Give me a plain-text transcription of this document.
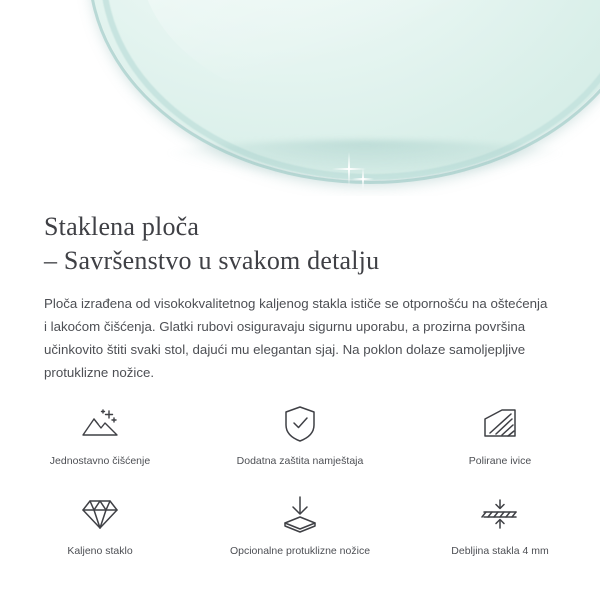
Staklena ploča
– Savršenstvo u svakom detalju

Ploča izrađena od visokokvalitetnog kaljenog stakla ističe se otpornošću na oštećenja i lakoćom čišćenja. Glatki rubovi osiguravaju sigurnu uporabu, a prozirna površina učinkovito štiti svaki stol, dajući mu elegantan sjaj. Na poklon dolaze samoljepljive protuklizne nožice.

Jednostavno čišćenje	Dodatna zaštita namještaja	Polirane ivice
Kaljeno staklo	Opcionalne protuklizne nožice	Debljina stakla 4 mm
